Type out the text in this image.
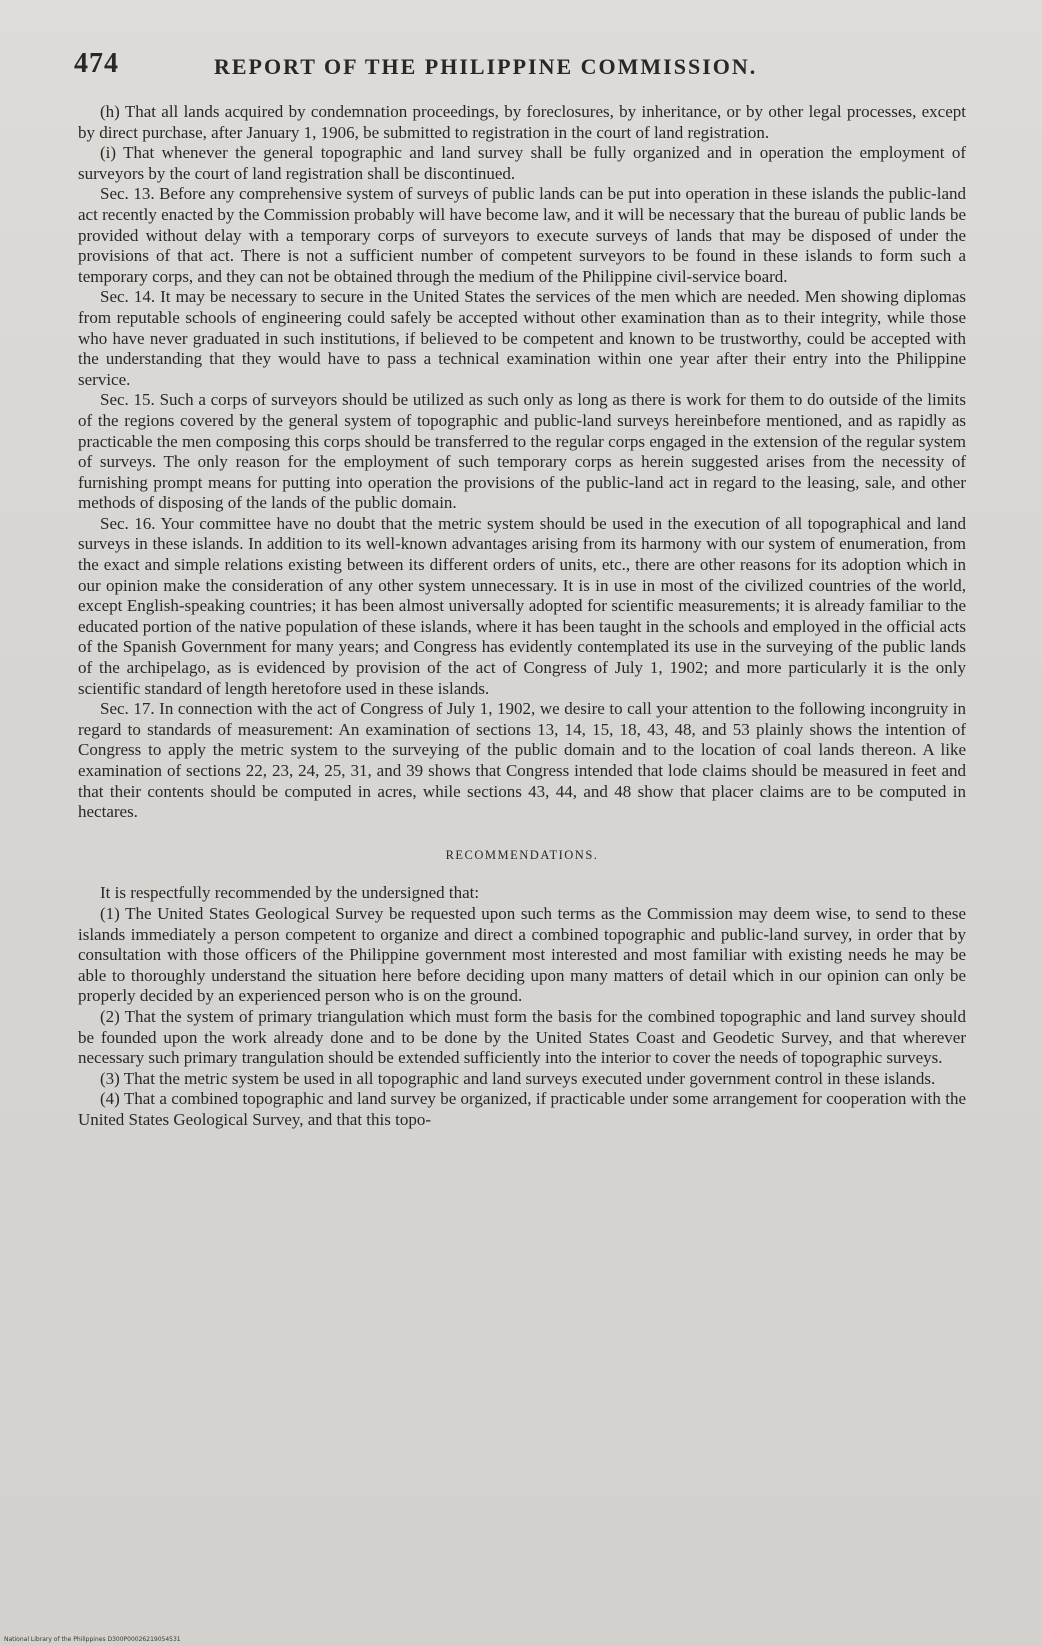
474	REPORT OF THE PHILIPPINE COMMISSION.

(h) That all lands acquired by condemnation proceedings, by foreclosures, by inheritance, or by other legal processes, except by direct purchase, after January 1, 1906, be submitted to registration in the court of land registration.

(i) That whenever the general topographic and land survey shall be fully organized and in operation the employment of surveyors by the court of land registration shall be discontinued.

Sec. 13. Before any comprehensive system of surveys of public lands can be put into operation in these islands the public-land act recently enacted by the Commission probably will have become law, and it will be necessary that the bureau of public lands be provided without delay with a temporary corps of surveyors to execute surveys of lands that may be disposed of under the provisions of that act. There is not a sufficient number of competent surveyors to be found in these islands to form such a temporary corps, and they can not be obtained through the medium of the Philippine civil-service board.

Sec. 14. It may be necessary to secure in the United States the services of the men which are needed. Men showing diplomas from reputable schools of engineering could safely be accepted without other examination than as to their integrity, while those who have never graduated in such institutions, if believed to be competent and known to be trustworthy, could be accepted with the understanding that they would have to pass a technical examination within one year after their entry into the Philippine service.

Sec. 15. Such a corps of surveyors should be utilized as such only as long as there is work for them to do outside of the limits of the regions covered by the general system of topographic and public-land surveys hereinbefore mentioned, and as rapidly as practicable the men composing this corps should be transferred to the regular corps engaged in the extension of the regular system of surveys. The only reason for the employment of such temporary corps as herein suggested arises from the necessity of furnishing prompt means for putting into operation the provisions of the public-land act in regard to the leasing, sale, and other methods of disposing of the lands of the public domain.

Sec. 16. Your committee have no doubt that the metric system should be used in the execution of all topographical and land surveys in these islands. In addition to its well-known advantages arising from its harmony with our system of enumeration, from the exact and simple relations existing between its different orders of units, etc., there are other reasons for its adoption which in our opinion make the consideration of any other system unnecessary. It is in use in most of the civilized countries of the world, except English-speaking countries; it has been almost universally adopted for scientific measurements; it is already familiar to the educated portion of the native population of these islands, where it has been taught in the schools and employed in the official acts of the Spanish Government for many years; and Congress has evidently contemplated its use in the surveying of the public lands of the archipelago, as is evidenced by provision of the act of Congress of July 1, 1902; and more particularly it is the only scientific standard of length heretofore used in these islands.

Sec. 17. In connection with the act of Congress of July 1, 1902, we desire to call your attention to the following incongruity in regard to standards of measurement: An examination of sections 13, 14, 15, 18, 43, 48, and 53 plainly shows the intention of Congress to apply the metric system to the surveying of the public domain and to the location of coal lands thereon. A like examination of sections 22, 23, 24, 25, 31, and 39 shows that Congress intended that lode claims should be measured in feet and that their contents should be computed in acres, while sections 43, 44, and 48 show that placer claims are to be computed in hectares.

RECOMMENDATIONS.

It is respectfully recommended by the undersigned that:

(1) The United States Geological Survey be requested upon such terms as the Commission may deem wise, to send to these islands immediately a person competent to organize and direct a combined topographic and public-land survey, in order that by consultation with those officers of the Philippine government most interested and most familiar with existing needs he may be able to thoroughly understand the situation here before deciding upon many matters of detail which in our opinion can only be properly decided by an experienced person who is on the ground.

(2) That the system of primary triangulation which must form the basis for the combined topographic and land survey should be founded upon the work already done and to be done by the United States Coast and Geodetic Survey, and that wherever necessary such primary trangulation should be extended sufficiently into the interior to cover the needs of topographic surveys.

(3) That the metric system be used in all topographic and land surveys executed under government control in these islands.

(4) That a combined topographic and land survey be organized, if practicable under some arrangement for cooperation with the United States Geological Survey, and that this topo-

National Library of the Philippines D300P00026219054531
